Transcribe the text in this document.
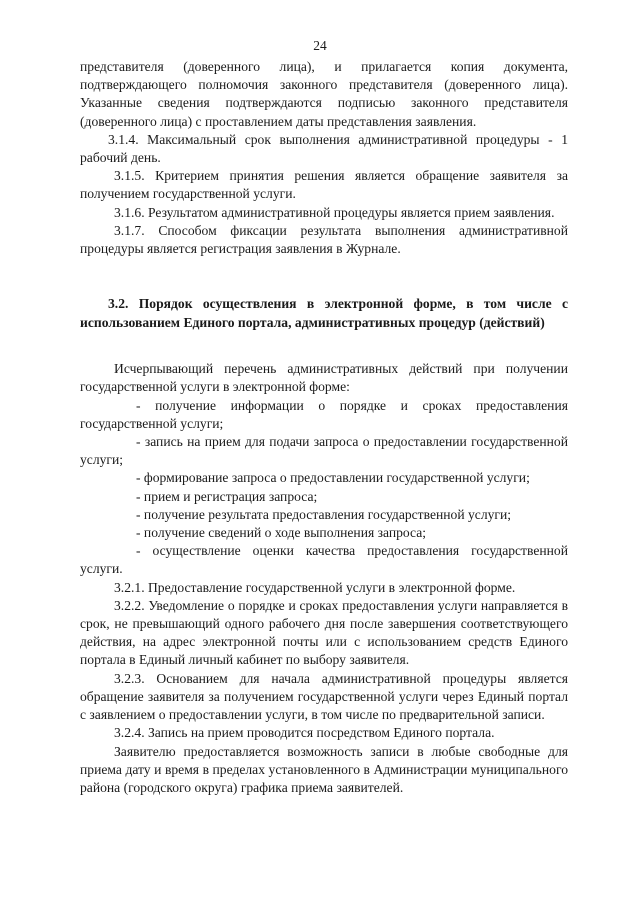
24

представителя (доверенного лица), и прилагается копия документа, подтверждающего полномочия законного представителя (доверенного лица). Указанные сведения подтверждаются подписью законного представителя (доверенного лица) с проставлением даты представления заявления.

3.1.4. Максимальный срок выполнения административной процедуры - 1 рабочий день.

3.1.5. Критерием принятия решения является обращение заявителя за получением государственной услуги.

3.1.6. Результатом административной процедуры является прием заявления.

3.1.7. Способом фиксации результата выполнения административной процедуры является регистрация заявления в Журнале.

3.2. Порядок осуществления в электронной форме, в том числе с использованием Единого портала, административных процедур (действий)

Исчерпывающий перечень административных действий при получении государственной услуги в электронной форме:

- получение информации о порядке и сроках предоставления государственной услуги;

- запись на прием для подачи запроса о предоставлении государственной услуги;

- формирование запроса о предоставлении государственной услуги;

- прием и регистрация запроса;

- получение результата предоставления государственной услуги;

- получение сведений о ходе выполнения запроса;

- осуществление оценки качества предоставления государственной услуги.

3.2.1. Предоставление государственной услуги в электронной форме.

3.2.2. Уведомление о порядке и сроках предоставления услуги направляется в срок, не превышающий одного рабочего дня после завершения соответствующего действия, на адрес электронной почты или с использованием средств Единого портала в Единый личный кабинет по выбору заявителя.

3.2.3. Основанием для начала административной процедуры является обращение заявителя за получением государственной услуги через Единый портал с заявлением о предоставлении услуги, в том числе по предварительной записи.

3.2.4. Запись на прием проводится посредством Единого портала.

Заявителю предоставляется возможность записи в любые свободные для приема дату и время в пределах установленного в Администрации муниципального района (городского округа) графика приема заявителей.
